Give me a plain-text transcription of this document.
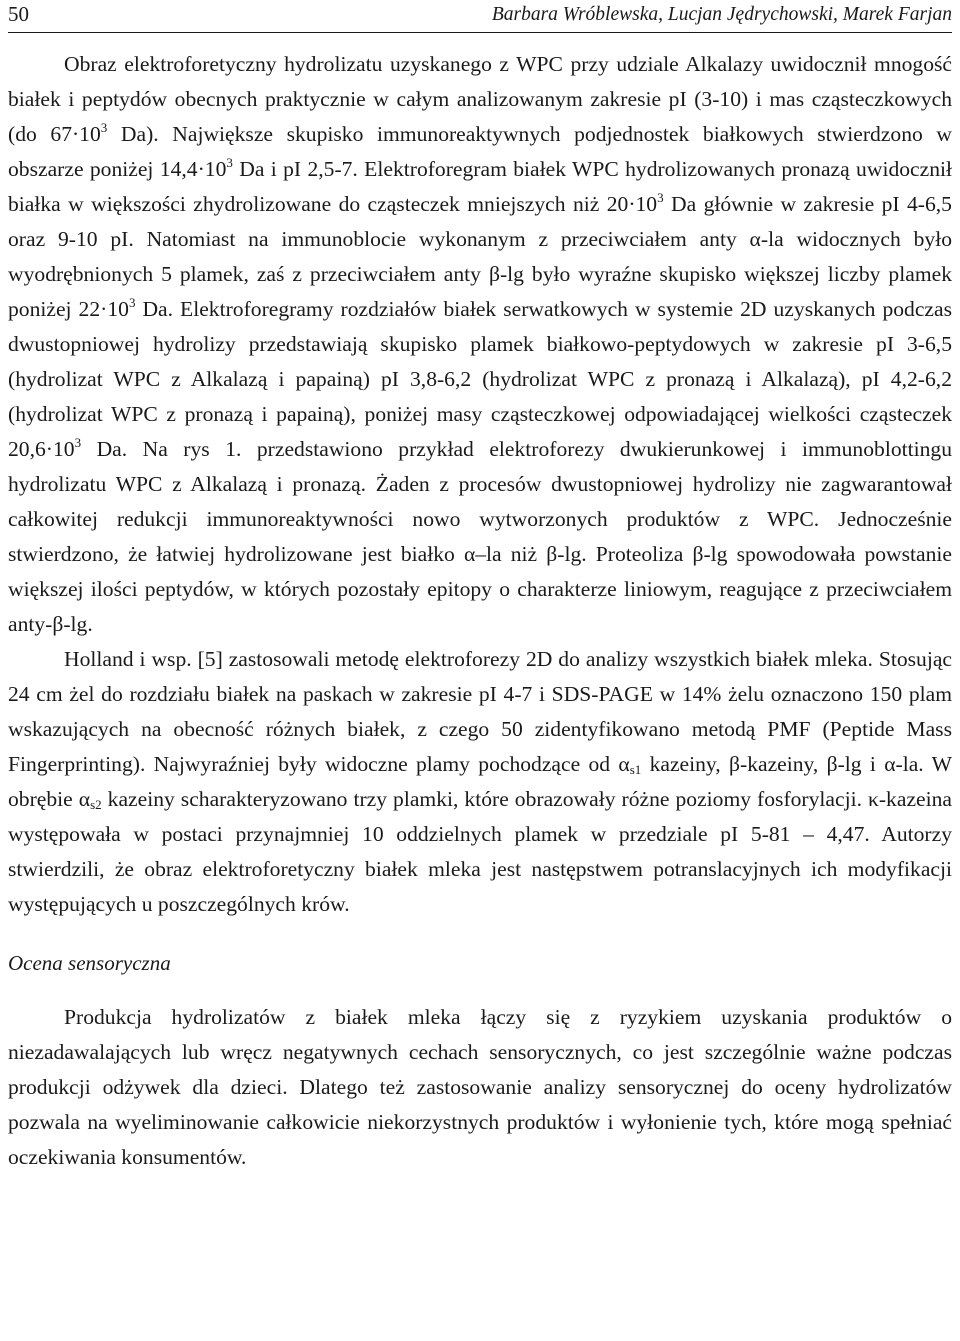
50	Barbara Wróblewska, Lucjan Jędrychowski, Marek Farjan

Obraz elektroforetyczny hydrolizatu uzyskanego z WPC przy udziale Alkalazy uwidocznił mnogość białek i peptydów obecnych praktycznie w całym analizowanym zakresie pI (3-10) i mas cząsteczkowych (do $67\cdot 10^3$ Da). Największe skupisko immunoreaktywnych podjednostek białkowych stwierdzono w obszarze poniżej $14,4\cdot 10^3$ Da i pI 2,5-7. Elektroforegram białek WPC hydrolizowanych pronazą uwidocznił białka w większości zhydrolizowane do cząsteczek mniejszych niż $20\cdot 10^3$ Da głównie w zakresie pI 4-6,5 oraz 9-10 pI. Natomiast na immunoblocie wykonanym z przeciwciałem anty α-la widocznych było wyodrębnionych 5 plamek, zaś z przeciwciałem anty β-lg było wyraźne skupisko większej liczby plamek poniżej $22\cdot 10^3$ Da. Elektroforegramy rozdziałów białek serwatkowych w systemie 2D uzyskanych podczas dwustopniowej hydrolizy przedstawiają skupisko plamek białkowo-peptydowych w zakresie pI 3-6,5 (hydrolizat WPC z Alkalazą i papainą) pI 3,8-6,2 (hydrolizat WPC z pronazą i Alkalazą), pI 4,2-6,2 (hydrolizat WPC z pronazą i papainą), poniżej masy cząsteczkowej odpowiadającej wielkości cząsteczek $20,6\cdot 10^3$ Da. Na rys 1. przedstawiono przykład elektroforezy dwukierunkowej i immunoblottingu hydrolizatu WPC z Alkalazą i pronazą. Żaden z procesów dwustopniowej hydrolizy nie zagwarantował całkowitej redukcji immunoreaktywności nowo wytworzonych produktów z WPC. Jednocześnie stwierdzono, że łatwiej hydrolizowane jest białko α–la niż β-lg. Proteoliza β-lg spowodowała powstanie większej ilości peptydów, w których pozostały epitopy o charakterze liniowym, reagujące z przeciwciałem anty-β-lg.

Holland i wsp. [5] zastosowali metodę elektroforezy 2D do analizy wszystkich białek mleka. Stosując 24 cm żel do rozdziału białek na paskach w zakresie pI 4-7 i SDS-PAGE w 14% żelu oznaczono 150 plam wskazujących na obecność różnych białek, z czego 50 zidentyfikowano metodą PMF (Peptide Mass Fingerprinting). Najwyraźniej były widoczne plamy pochodzące od $\alpha_{s1}$ kazeiny, β-kazeiny, β-lg i α-la. W obrębie $\alpha_{s2}$ kazeiny scharakteryzowano trzy plamki, które obrazowały różne poziomy fosforylacji. κ-kazeina występowała w postaci przynajmniej 10 oddzielnych plamek w przedziale pI 5-81 – 4,47. Autorzy stwierdzili, że obraz elektroforetyczny białek mleka jest następstwem potranslacyjnych ich modyfikacji występujących u poszczególnych krów.

Ocena sensoryczna

Produkcja hydrolizatów z białek mleka łączy się z ryzykiem uzyskania produktów o niezadawalających lub wręcz negatywnych cechach sensorycznych, co jest szczególnie ważne podczas produkcji odżywek dla dzieci. Dlatego też zastosowanie analizy sensorycznej do oceny hydrolizatów pozwala na wyeliminowanie całkowicie niekorzystnych produktów i wyłonienie tych, które mogą spełniać oczekiwania konsumentów.
